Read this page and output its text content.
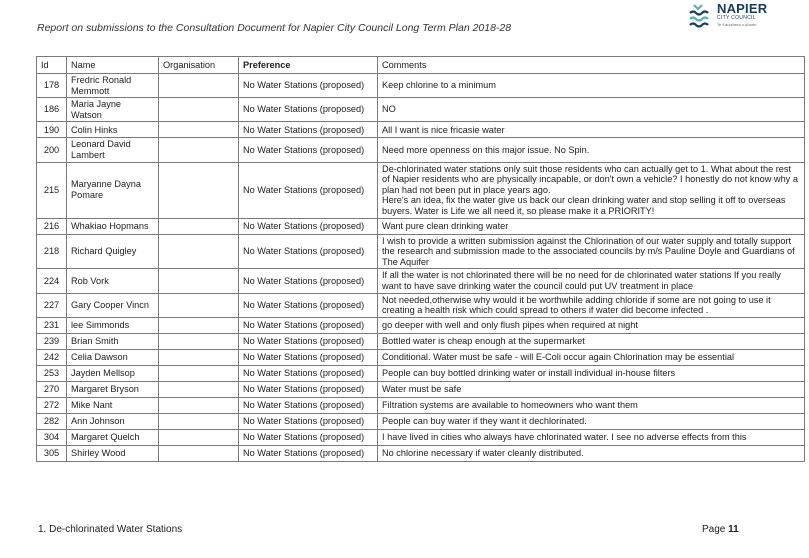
Report on submissions to the Consultation Document for Napier City Council Long Term Plan 2018-28
NAPIER
CITY COUNCIL
Te Kaunihera o Ahuriri
Id	Name	Organisation	Preference	Comments
178	Fredric Ronald Memmott		No Water Stations (proposed)	Keep chlorine to a minimum
186	Maria Jayne Watson		No Water Stations (proposed)	NO
190	Colin Hinks		No Water Stations (proposed)	All I want is nice fricasie water
200	Leonard David Lambert		No Water Stations (proposed)	Need more openness on this major issue. No Spin.
215	Maryanne Dayna Pomare		No Water Stations (proposed)	De-chlorinated water stations only suit those residents who can actually get to 1. What about the rest of Napier residents who are physically incapable, or don't own a vehicle? I honestly do not know why a plan had not been put in place years ago.
Here's an idea, fix the water give us back our clean drinking water and stop selling it off to overseas buyers. Water is Life we all need it, so please make it a PRIORITY!
216	Whakiao Hopmans		No Water Stations (proposed)	Want pure clean drinking water
218	Richard Quigley		No Water Stations (proposed)	I wish to provide a written submission against the Chlorination of our water supply and totally support the research and submission made to the associated councils by m/s Pauline Doyle and Guardians of The Aquifer
224	Rob Vork		No Water Stations (proposed)	If all the water is not chlorinated there will be no need for de chlorinated water stations If you really want to have save drinking water the council could put UV treatment in place
227	Gary Cooper Vincn		No Water Stations (proposed)	Not needed,otherwise why would it be worthwhile adding chloride if some are not going to use it creating a health risk which could spread to others if water did become infected .
231	lee Simmonds		No Water Stations (proposed)	go deeper with well and only flush pipes when required at night
239	Brian Smith		No Water Stations (proposed)	Bottled water is cheap enough at the supermarket
242	Celia Dawson		No Water Stations (proposed)	Conditional. Water must be safe - will E-Coli occur again Chlorination may be essential
253	Jayden Mellsop		No Water Stations (proposed)	People can buy bottled drinking water or install individual in-house filters
270	Margaret Bryson		No Water Stations (proposed)	Water must be safe
272	Mike Nant		No Water Stations (proposed)	Filtration systems are available to homeowners who want them
282	Ann Johnson		No Water Stations (proposed)	People can buy water if they want it dechlorinated.
304	Margaret Quelch		No Water Stations (proposed)	I have lived in cities who always have chlorinated water. I see no adverse effects from this
305	Shirley Wood		No Water Stations (proposed)	No chlorine necessary if water cleanly distributed.
1. De-chlorinated Water Stations	Page 11
